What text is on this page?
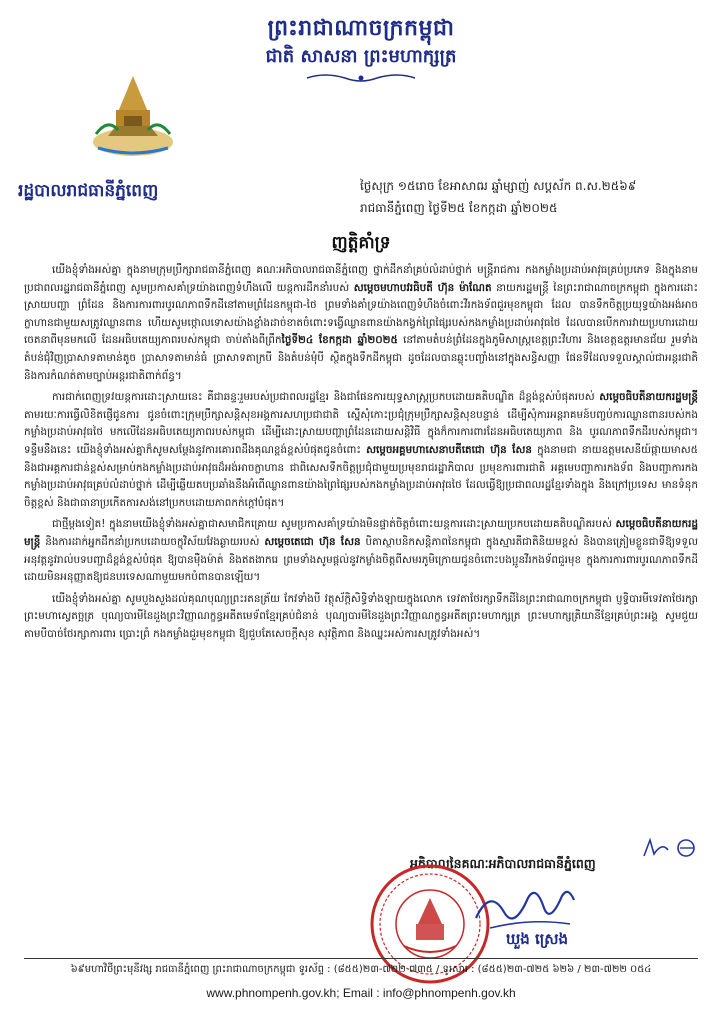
ព្រះរាជាណាចក្រកម្ពុជា
ជាតិ សាសនា ព្រះមហាក្សត្រ
រដ្ឋបាលរាជធានីភ្នំពេញ	ថ្ងៃសុក្រ ១៥រោច ខែអាសាឍ ឆ្នាំម្សាញ់ សប្តស័ក ព.ស.២៥៦៩
រាជធានីភ្នំពេញ ថ្ងៃទី២៥ ខែកក្កដា ឆ្នាំ២០២៥
ញត្តិគាំទ្រ

យើងខ្ញុំទាំងអស់គ្នា ក្នុងនាមក្រុមប្រឹក្សារាជធានីភ្នំពេញ គណៈអភិបាលរាជធានីភ្នំពេញ ថ្នាក់ដឹកនាំគ្រប់លំដាប់ថ្នាក់ មន្ត្រីរាជការ កងកម្លាំងប្រដាប់អាវុធគ្រប់ប្រភេទ និងក្នុងនាមប្រជាពលរដ្ឋរាជធានីភ្នំពេញ សូមប្រកាសគាំទ្រយ៉ាងពេញទំហឹងលើ យន្តការដឹកនាំរបស់ សម្ដេចមហាបវរធិបតី ហ៊ុន ម៉ាណែត នាយករដ្ឋមន្ត្រី នៃព្រះរាជាណាចក្រកម្ពុជា ក្នុងការដោះស្រាយបញ្ហា ព្រំដែន និងការការពារបូរណភាពទឹកដីនៅតាមព្រំដែនកម្ពុជា-ថៃ ព្រមទាំងគាំទ្រយ៉ាងពេញទំហឹងចំពោះវីរកងទ័ពជួរមុខកម្ពុជា ដែល បានទឹកចិត្តប្រយុទ្ធយ៉ាងអង់អាចក្លាហានជាមួយសត្រូវឈ្លានពាន ហើយសូមថ្កោលទោសយ៉ាងខ្លាំងដាច់ខាតចំពោះទង្វើឈ្លានពានយ៉ាងកង្វក់ព្រៃផ្សៃរបស់កងកម្លាំងប្រដាប់អាវុធថៃ ដែលបានបើកការវាយប្រហារដោយចេតនាពីមុនមកលើ ដែនអធិបតេយ្យភាពរបស់កម្ពុជា ចាប់តាំងពីព្រឹកថ្ងៃទី២៤ ខែកក្កដា ឆ្នាំ២០២៥ នៅតាមតំបន់ព្រំដែនក្នុងភូមិសាស្ត្រខេត្តព្រះវិហារ និងខេត្តឧត្តរមានជ័យ រួមទាំង តំបន់ជុំវិញប្រាសាទតាមាន់តូច ប្រាសាទតាមាន់ធំ ប្រាសាទតាក្របី និងតំបន់មុំបី ស្ថិតក្នុងទឹកដីកម្ពុជា ដូចដែលបានឆ្លុះបញ្ចាំងនៅក្នុងសន្ធិសញ្ញា ផែនទីដែលទទួលស្គាល់ជាអន្តរជាតិ និងការកំណត់តាមច្បាប់អន្តរជាតិពាក់ព័ន្ធ។

ការជាក់ពេញទ្រវយន្តការដោះស្រាយនេះ គឺជាឆន្ទៈរួមរបស់ប្រជាពលរដ្ឋខ្មែរ និងជាផែនការយុទ្ធសាស្ត្រប្រកបដោយគតិបណ្ឌិត ដ៏ខ្ពង់ខ្ពស់បំផុតរបស់ សម្ដេចធិបតីនាយករដ្ឋមន្ត្រី តាមរយៈការធ្វើលិខិតផ្ញើជូនការ ជូនចំពោះក្រុមប្រឹក្សាសន្តិសុខអង្គការសហប្រជាជាតិ ស្នើសុំកោះប្រជុំក្រុមប្រឹក្សាសន្តិសុខបន្ទាន់ ដើម្បីសុំការអន្តរាគមន៍បញ្ចប់ការឈ្លានពានរបស់កងកម្លាំងប្រដាប់អាវុធថៃ មកលើដែនអធិបតេយ្យភាពរបស់កម្ពុជា ដើម្បីដោះស្រាយបញ្ហាព្រំដែនដោយសន្តិវិធី ក្នុងក៏ការការពារដែនអធិបតេយ្យភាព និង បូរណភាពទឹកដីរបស់កម្ពុជា។ ទន្ទឹមនឹងនេះ យើងខ្ញុំទាំងអស់គ្នាក៏សូមសម្ដែងនូវការគោរពដឹងគុណខ្ពង់ខ្ពស់បំផុតជូនចំពោះ សម្ដេចអគ្គមហាសេនាបតីតេជោ ហ៊ុន សែន ក្នុងនាមជា នាយឧត្តមសេនីយ៍ផ្កាយមាស៥ និងជាអគ្គការជាន់ខ្ពស់សម្រាប់កងកម្លាំងប្រដាប់អាវុធដ៏អង់អាចក្លាហាន ជាពិសេសទឹកចិត្តប្រជុំជាមួយប្រមុខរាជរដ្ឋាភិបាល ប្រមុខការពារជាតិ អគ្គមេបញ្ជាការកងទ័ព និងបញ្ជាការកងកម្លាំងប្រដាប់អាវុធគ្រប់លំដាប់ថ្នាក់ ដើម្បីឆ្លើយតបប្រឆាំងនឹងអំពើឈ្លានពានយ៉ាងព្រៃផ្សៃរបស់កងកម្លាំងប្រដាប់អាវុធថៃ ដែលធ្វើឱ្យប្រជាពលរដ្ឋខ្មែរទាំងក្នុង និងក្រៅប្រទេស មានទំនុកចិត្តខ្ពស់ និងជាធានាប្រកើតការសង់នៅប្រកបដោយភាពកក់ក្ដៅបំផុត។

ជាថ្មីម្ដងទៀត! ក្នុងនាមយើងខ្ញុំទាំងអស់គ្នាជាសមាជិកគ្រោយ សូមប្រកាសគាំទ្រយ៉ាងមិនផ្ទាត់ចិត្តចំពោះយន្តការដោះស្រាយប្រកបដោយគតិបណ្ឌិតរបស់ សម្ដេចធិបតីនាយករដ្ឋមន្ត្រី និងការដាក់អ្នកដឹកនាំប្រកបដោយចក្ខុវិស័យវែងឆ្ងាយរបស់ សម្ដេចតេជោ ហ៊ុន សែន បិតាស្ថាបនិកសន្តិភាពនៃកម្ពុជា ក្នុងស្មារតីជាតិនិយមខ្ពស់ និងបានត្រៀមខ្លួនជាទីឱ្យទទួលអនុវត្តនូវរាល់បទបញ្ជាដ៏ខ្ពង់ខ្ពស់បំផុត ឱ្យបានម៉ឺងម៉ាត់ និងឥតងាករេ ព្រមទាំងសូមផ្ដល់នូវកម្លាំងចិត្តពីសមរភូមិក្រោយជូនចំពោះបងប្អូនវីរកងទ័ពជួរមុខ ក្នុងការការពារបូរណភាពទឹកដី ដោយមិនអនុញ្ញាតឱ្យជនបរទេសណាមួយមកបំពានបានឡើយ។

យើងខ្ញុំទាំងអស់គ្នា សូមបួងសួងដល់គុណបុណ្យព្រះរតនត្រ័យ កែវទាំងបី វត្ថុស័ក្តិសិទ្ធិទាំងឡាយក្នុងលោក ទេវតាថែរក្សាទឹកដីនៃព្រះរាជាណាចក្រកម្ពុជា ប្ញទ្ធិបារមីទេវតាថែរក្សាព្រះមហាស្វេតច្ឆត្រ បុណ្យបារមីនៃដួងព្រះវិញ្ញាណក្ខន្ធអតីតមេទ័ពខ្មែរគ្រប់ជំនាន់ បុណ្យបារមីនៃដួងព្រះវិញ្ញាណក្ខន្ធអតីតព្រះមហាក្សត្រ ព្រះមហាក្សត្រិយានីខ្មែរគ្រប់ព្រះអង្គ សូមជួយតាមបីបាច់ថែរក្សាការពារ ប្រោះព្រំ កងកម្លាំងជួរមុខកម្ពុជា ឱ្យជួបតែសេចក្តីសុខ សុវត្ថិភាព និងឈ្នះអស់ការសត្រូវទាំងអស់។

អភិបាលនៃគណៈអភិបាលរាជធានីភ្នំពេញ
ឃួង ស្រេង
៦៩មហាវិថីព្រះមុនីវង្ស រាជធានីភ្នំពេញ ព្រះរាជាណាចក្រកម្ពុជា ទូរស័ព្ទ : (៨៥៥)២៣-៧២២ ៧៣៥ / ទូរសារ : (៨៥៥)២៣-៧២៥ ៦២៦ / ២៣-៧២២ ០៥៤
www.phnompenh.gov.kh; Email : info@phnompenh.gov.kh
